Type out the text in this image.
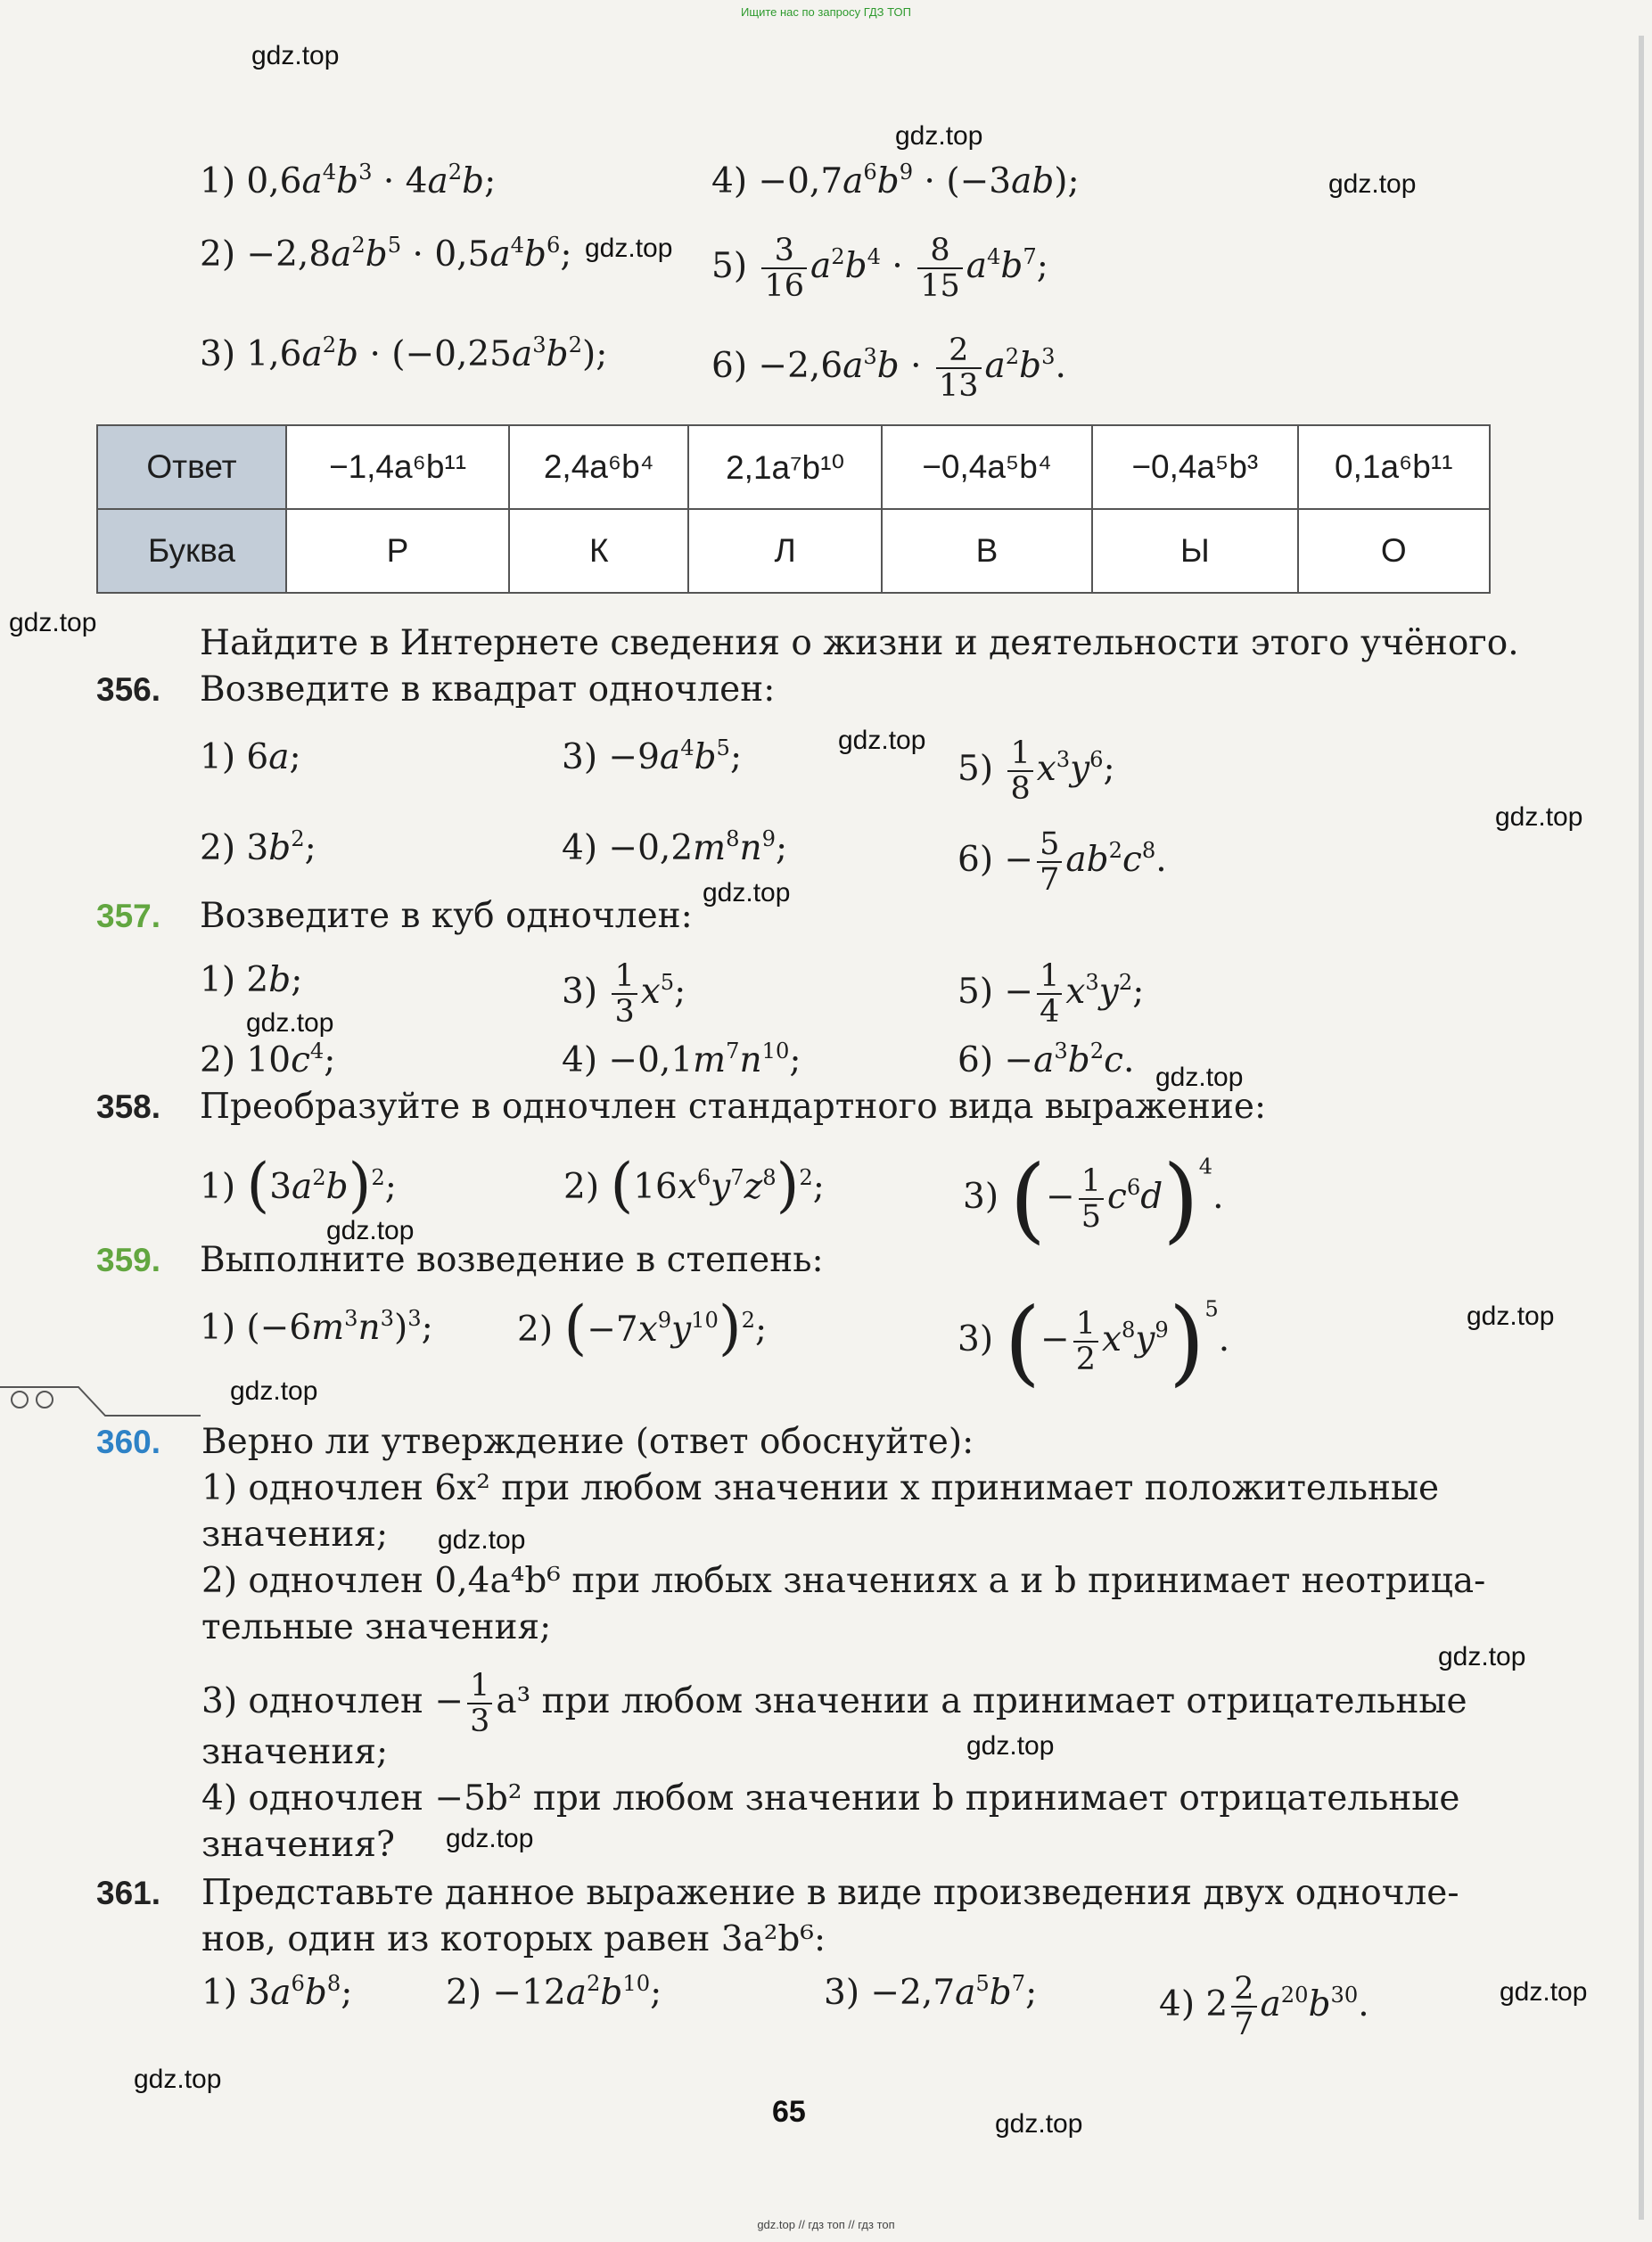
Ищите нас по запросу ГДЗ ТОП
gdz.top
gdz.top
gdz.top
gdz.top
gdz.top
gdz.top
gdz.top
gdz.top
gdz.top
gdz.top
gdz.top
gdz.top
gdz.top
gdz.top
gdz.top
gdz.top
gdz.top
gdz.top
gdz.top
gdz.top
1) $0,6a^4b^3 \cdot 4a^2b$;	$4) -0,7a^6b^9 \cdot (-3ab)$;
$2) -2,8a^2b^5 \cdot 0,5a^4b^6$;	$5) \frac{3}{16} a^2b^4 \cdot \frac{8}{15} a^4b^7$;
3) $1,6a^2b \cdot (-0,25a^3b^2)$;	$6) -2,6a^3b \cdot \frac{2}{13} a^2b^3$.
Ответ	−1,4a⁶b¹¹	2,4a⁶b⁴	2,1a⁷b¹⁰	−0,4a⁵b⁴	−0,4a⁵b³	0,1a⁶b¹¹
Буква	Р	К	Л	В	Ы	О
Найдите в Интернете сведения о жизни и деятельности этого учёного.
356. Возведите в квадрат одночлен:
1) 6a;	$3) -9a^4b^5$;	$5) \frac{1}{8} x^3y^6$;
2) $3b^2$;	$4) -0,2m^8n^9$;	$6) - \frac{5}{7} ab^2c^8$.
357. Возведите в куб одночлен:
1) 2b;	$3) \frac{1}{3} x^5$;	$5) - \frac{1}{4} x^3y^2$;
2) $10c^4$;	$4) -0,1m^7n^{10}$;	$6) -a^3b^2c$.
358. Преобразуйте в одночлен стандартного вида выражение:
1) $(3a^2b)^2$;	2) $(16x^6y^7z^8)^2$;	3) (− $\frac{1}{5} c^6d)^4$.
359. Выполните возведение в степень:
1) $(-6m^3n^3)^3$; 2) $(-7x^9y^{10})^2$;	3) (− $\frac{1}{2} x^8y^9)^5$.
360. Верно ли утверждение (ответ обоснуйте):
1) одночлен 6x² при любом значении x принимает положительные
значения;
2) одночлен 0,4a⁴b⁶ при любых значениях a и b принимает неотрица-
тельные значения;
3) одночлен − $\frac{1}{3} a^3$ при любом значении a принимает отрицательные
значения;
4) одночлен −5b² при любом значении b принимает отрицательные
значения?
361. Представьте данное выражение в виде произведения двух одночле-
нов, один из которых равен 3a²b⁶:
1) $3a^6b^8$;	$2) -12a^2b^{10}$;	$3) -2,7a^5b^7$;	4) $2 \frac{2}{7} a^{20}b^{30}$.
65
gdz.top // гдз топ // гдз топ
